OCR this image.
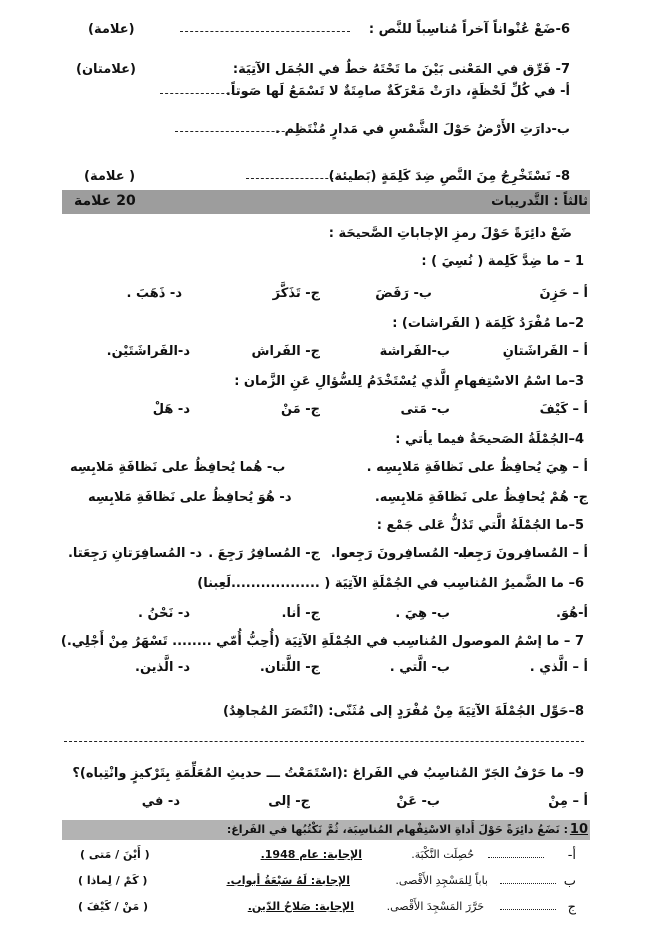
6-ضَعْ عُنْواناً آخراً مُناسِباً للنَّص :
(علامة)
7- فَرِّق في المَعْنى بَيْنَ ما تَحْتَهُ خطٌ في الجُمَل الآتِيَة:
(علامتان)
أ- في كُلِّ لَحْظَةٍ، دارَتْ مَعْرَكَةٌ صامِتَةٌ لا تَسْمَعُ لَها صَوتاً.
ب-دارَتِ الأَرْضُ حَوْلَ الشَّمْسِ في مَدارٍ مُنْتَظِم .
8- نَسْتَخْرِجُ مِنَ النَّصِ ضِدَ كَلِمَةٍ (بَطيئة)
( علامة)
ثالثاً : التَّدريبات
20 علامة
ضَعْ دائِرَةً حَوْلَ رمزِ الإجاباتِ الصَّحيحَة :
1 – ما ضِدَّ كَلِمة ( نُسِيَ ) :
أ – حَزِنَ
ب- رَفَضَ
ج- تَذَكَّرَ
د- ذَهَبَ .
2–ما مُفْرَدُ كَلِمَة ( الفَراشات) :
أ – الفَراشَتانِ
ب-الفَراشة
ج- الفَراش
د-الفَراشَتَيْن.
3–ما اسْمُ الاسْتِفهامِ الَّذي يُسْتَخْدَمُ لِلسُّؤالِ عَنِ الزَّمان :
أ – كَيْفَ
ب- مَتى
ج- مَنْ
د- هَلْ
4–الجُمْلَةُ الصَحيحَةُ فيما يأتي :
أ – هِيَ يُحافِظُ على نَظافَةِ مَلابِسِه .
ب- هُما يُحافِظُ على نَظافَةِ مَلابِسِه
ج- هُمْ يُحافِظُ على نَظافَةِ مَلابِسِه.
د- هُوَ يُحافِظُ على نَظافَةِ مَلابِسِه
5–ما الجُمْلَةُ الَّتي تَدُلُّ عَلى جَمْع :
أ – المُسافِرونَ رَجِعا.
ب- المُسافِرونَ رَجِعوا.
ج- المُسافِرُ رَجِعَ .
د- المُسافِرَتانِ رَجِعَتا.
6– ما الضَّميرُ المُناسِب في الجُمْلَةِ الآتِيَة ( ..................لَعِبنا)
أ-هُوَ.
ب- هِيَ .
ج- أنا.
د- نَحْنُ .
7 – ما إسْمُ الموصول المُناسِب في الجُمْلَةِ الآتِيَة (أُحِبُّ أُمّي ........ تَسْهَرُ مِنْ أَجْلِي.)
أ – الَّذي .
ب- الَّتي .
ج- اللَّتان.
د- الَّذين.
8–حَوِّل الجُمْلَةَ الآتِيَةَ مِنْ مُفْرَدٍ إلى مُثَنّى: (انْتَصَرَ المُجاهِدُ)
9– ما حَرْفُ الجَرّ المُناسِبُ في الفَراغ :(اسْتَمَعْتُ ـــ حديثِ المُعَلِّمَةِ بِتَرْكيزٍ وانْتِباه)؟
أ – مِنْ
ب- عَنْ
ج- إلى
د- في
10
: نَضَعُ دائِرَةً حَوْلَ أَداةِ الاسْتِفْهام المُناسِبَة، ثُمَّ نَكْتُبُها في الفَراغ:
أ-
حُصِلَت النَّكْبَة.
الإجابة: عام 1948.
( أَيْنَ / مَتى )
ب
باباً لِلمَسْجِدِ الأَقْصى.
الإجابة: لَهُ سَبْعَةُ أبواب.
( كَمْ / لِماذا )
ج
حَرَّرَ المَسْجِدَ الأَقْصى.
الإجابة: صَلاحُ الدّين.
( مَنْ / كَيْفَ )
